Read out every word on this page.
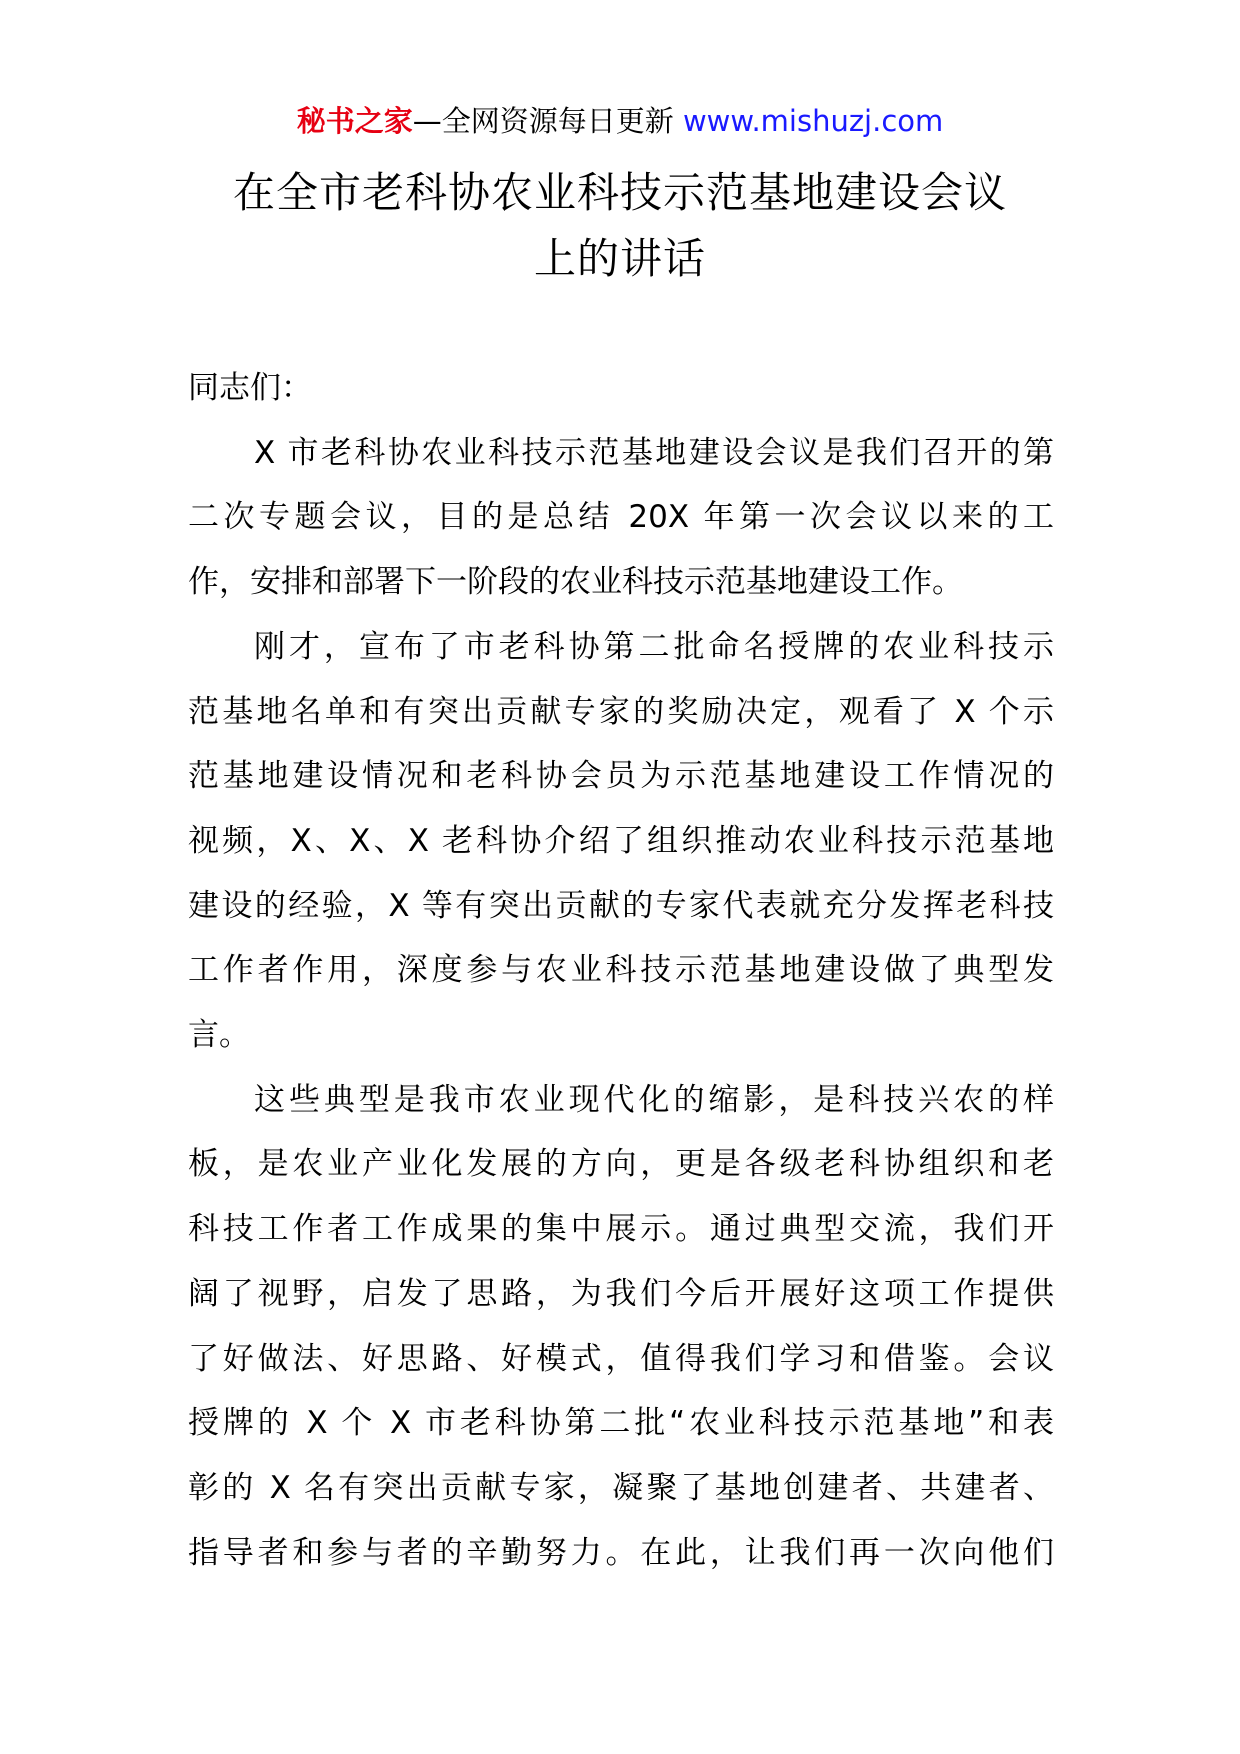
秘书之家—全网资源每日更新 www.mishuzj.com
在全市老科协农业科技示范基地建设会议
上的讲话

同志们：

X 市老科协农业科技示范基地建设会议是我们召开的第
二次专题会议，目的是总结 20X 年第一次会议以来的工
作，安排和部署下一阶段的农业科技示范基地建设工作。

刚才，宣布了市老科协第二批命名授牌的农业科技示
范基地名单和有突出贡献专家的奖励决定，观看了 X 个示
范基地建设情况和老科协会员为示范基地建设工作情况的
视频，X、X、X 老科协介绍了组织推动农业科技示范基地
建设的经验，X 等有突出贡献的专家代表就充分发挥老科技
工作者作用，深度参与农业科技示范基地建设做了典型发
言。

这些典型是我市农业现代化的缩影，是科技兴农的样
板，是农业产业化发展的方向，更是各级老科协组织和老
科技工作者工作成果的集中展示。通过典型交流，我们开
阔了视野，启发了思路，为我们今后开展好这项工作提供
了好做法、好思路、好模式，值得我们学习和借鉴。会议
授牌的 X 个 X 市老科协第二批“农业科技示范基地”和表
彰的 X 名有突出贡献专家，凝聚了基地创建者、共建者、
指导者和参与者的辛勤努力。在此，让我们再一次向他们
